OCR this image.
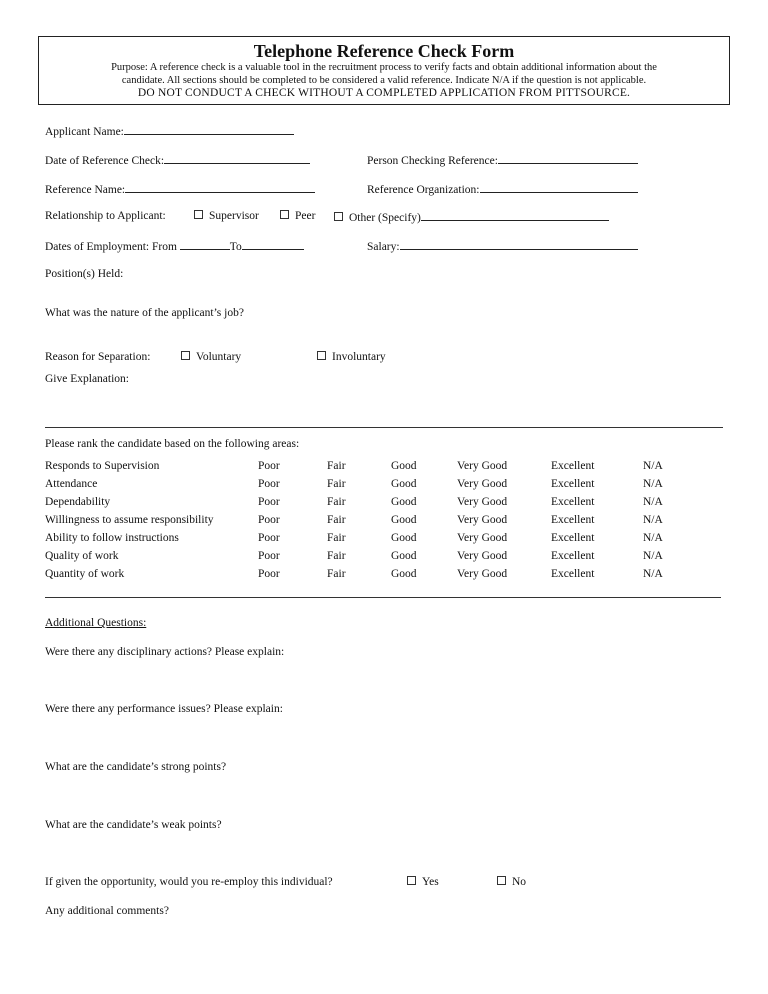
Telephone Reference Check Form
Purpose: A reference check is a valuable tool in the recruitment process to verify facts and obtain additional information about the
candidate. All sections should be completed to be considered a valid reference. Indicate N/A if the question is not applicable.
DO NOT CONDUCT A CHECK WITHOUT A COMPLETED APPLICATION FROM PITTSOURCE.
Applicant Name:
Date of Reference Check:	Person Checking Reference:
Reference Name:	Reference Organization:
Relationship to Applicant:	Supervisor	Peer	Other (Specify)
Dates of Employment: From	To	Salary:
Position(s) Held:
What was the nature of the applicant’s job?
Reason for Separation:	Voluntary	Involuntary
Give Explanation:
Please rank the candidate based on the following areas:
Responds to Supervision	Poor	Fair	Good	Very Good	Excellent	N/A
Attendance	Poor	Fair	Good	Very Good	Excellent	N/A
Dependability	Poor	Fair	Good	Very Good	Excellent	N/A
Willingness to assume responsibility	Poor	Fair	Good	Very Good	Excellent	N/A
Ability to follow instructions	Poor	Fair	Good	Very Good	Excellent	N/A
Quality of work	Poor	Fair	Good	Very Good	Excellent	N/A
Quantity of work	Poor	Fair	Good	Very Good	Excellent	N/A
Additional Questions:
Were there any disciplinary actions? Please explain:
Were there any performance issues? Please explain:
What are the candidate’s strong points?
What are the candidate’s weak points?
If given the opportunity, would you re-employ this individual?	Yes	No
Any additional comments?
